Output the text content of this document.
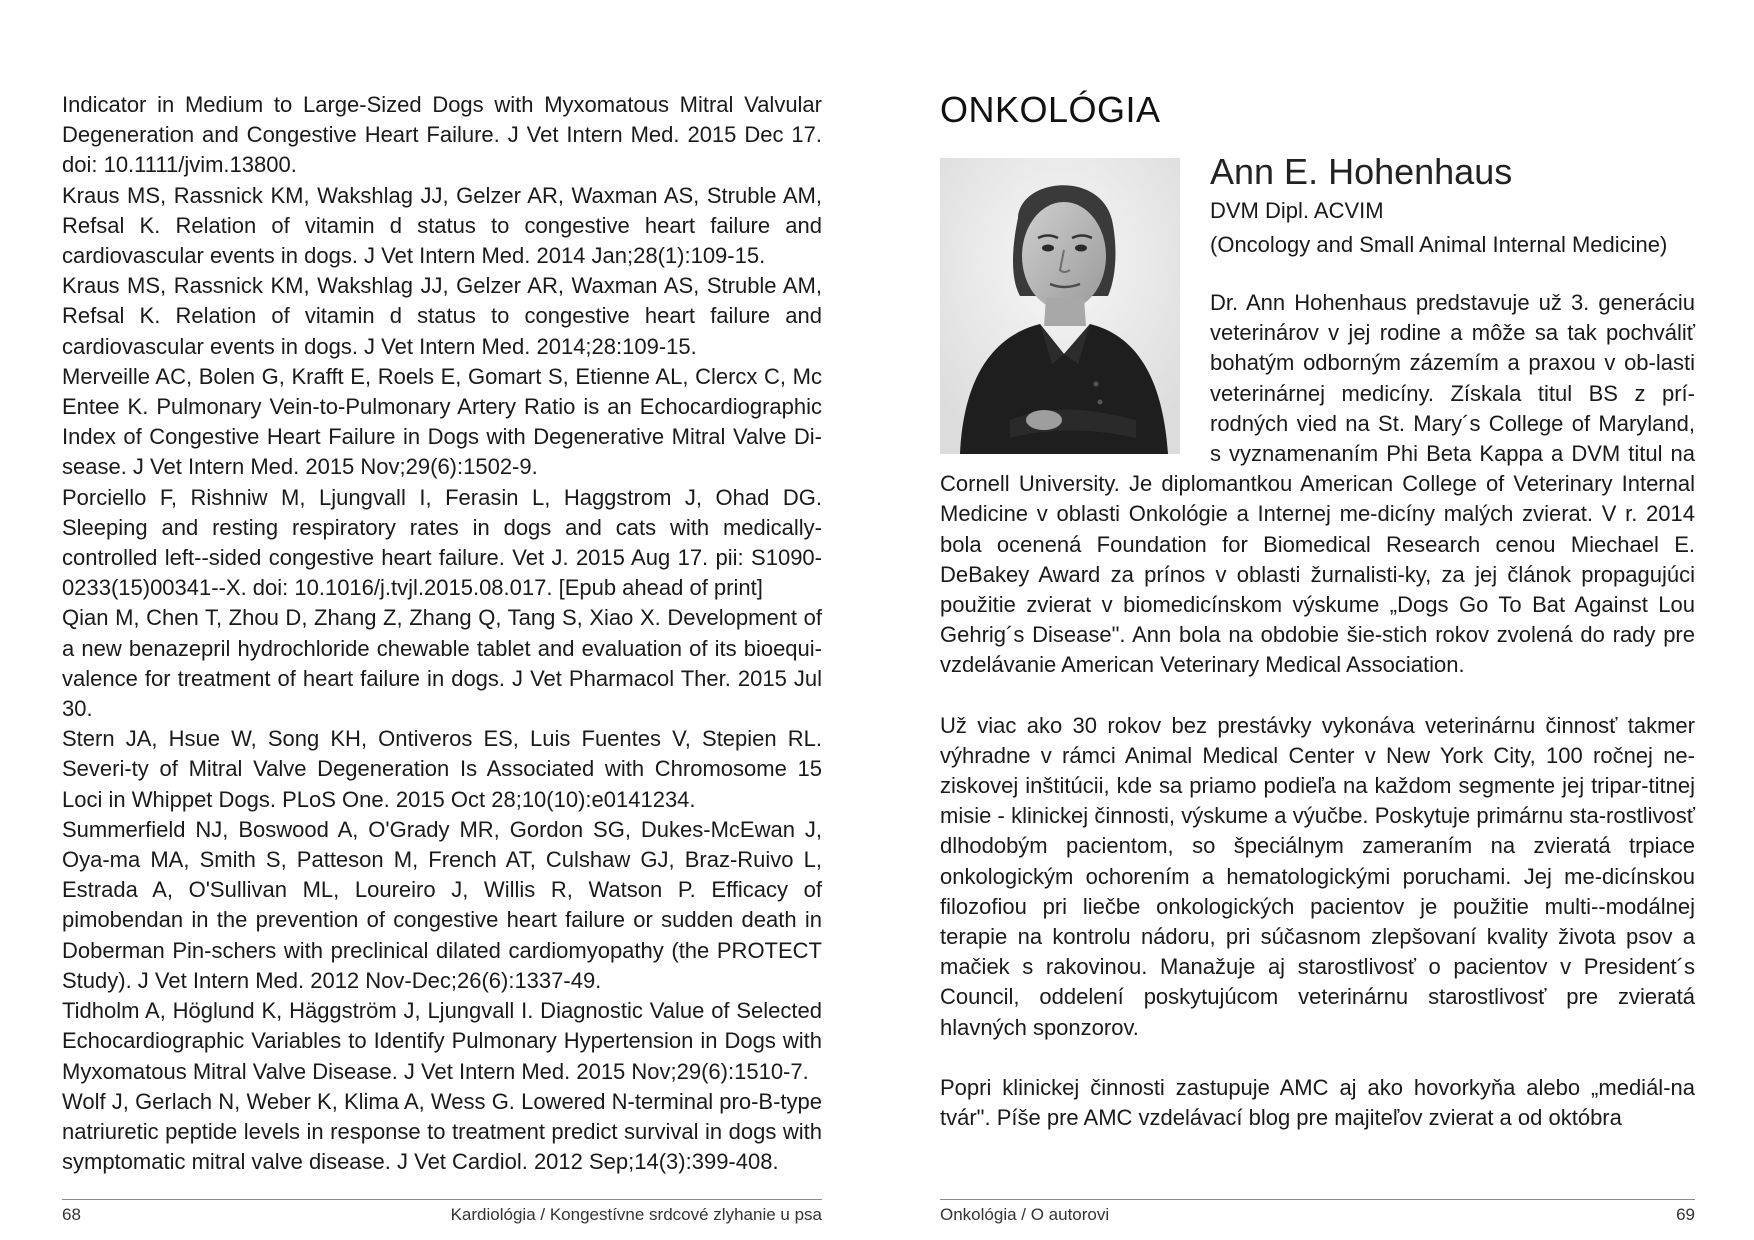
Indicator in Medium to Large-Sized Dogs with Myxomatous Mitral Valvular Degeneration and Congestive Heart Failure. J Vet Intern Med. 2015 Dec 17. doi: 10.1111/jvim.13800.

Kraus MS, Rassnick KM, Wakshlag JJ, Gelzer AR, Waxman AS, Struble AM, Refsal K. Relation of vitamin d status to congestive heart failure and cardiovascular events in dogs. J Vet Intern Med. 2014 Jan;28(1):109-15.

Kraus MS, Rassnick KM, Wakshlag JJ, Gelzer AR, Waxman AS, Struble AM, Refsal K. Relation of vitamin d status to congestive heart failure and cardiovascular events in dogs. J Vet Intern Med. 2014;28:109-15.

Merveille AC, Bolen G, Krafft E, Roels E, Gomart S, Etienne AL, Clercx C, Mc Entee K. Pulmonary Vein-to-Pulmonary Artery Ratio is an Echocardiographic Index of Congestive Heart Failure in Dogs with Degenerative Mitral Valve Di-sease. J Vet Intern Med. 2015 Nov;29(6):1502-9.

Porciello F, Rishniw M, Ljungvall I, Ferasin L, Haggstrom J, Ohad DG. Sleeping and resting respiratory rates in dogs and cats with medically-controlled left--sided congestive heart failure. Vet J. 2015 Aug 17. pii: S1090-0233(15)00341--X. doi: 10.1016/j.tvjl.2015.08.017. [Epub ahead of print]

Qian M, Chen T, Zhou D, Zhang Z, Zhang Q, Tang S, Xiao X. Development of a new benazepril hydrochloride chewable tablet and evaluation of its bioequi-valence for treatment of heart failure in dogs. J Vet Pharmacol Ther. 2015 Jul 30.

Stern JA, Hsue W, Song KH, Ontiveros ES, Luis Fuentes V, Stepien RL. Severi-ty of Mitral Valve Degeneration Is Associated with Chromosome 15 Loci in Whippet Dogs. PLoS One. 2015 Oct 28;10(10):e0141234.

Summerfield NJ, Boswood A, O'Grady MR, Gordon SG, Dukes-McEwan J, Oya-ma MA, Smith S, Patteson M, French AT, Culshaw GJ, Braz-Ruivo L, Estrada A, O'Sullivan ML, Loureiro J, Willis R, Watson P. Efficacy of pimobendan in the prevention of congestive heart failure or sudden death in Doberman Pin-schers with preclinical dilated cardiomyopathy (the PROTECT Study). J Vet Intern Med. 2012 Nov-Dec;26(6):1337-49.

Tidholm A, Höglund K, Häggström J, Ljungvall I. Diagnostic Value of Selected Echocardiographic Variables to Identify Pulmonary Hypertension in Dogs with Myxomatous Mitral Valve Disease. J Vet Intern Med. 2015 Nov;29(6):1510-7.

Wolf J, Gerlach N, Weber K, Klima A, Wess G. Lowered N-terminal pro-B-type natriuretic peptide levels in response to treatment predict survival in dogs with symptomatic mitral valve disease. J Vet Cardiol. 2012 Sep;14(3):399-408.

ONKOLÓGIA
Ann E. Hohenhaus

DVM Dipl. ACVIM

(Oncology and Small Animal Internal Medicine)

Dr. Ann Hohenhaus predstavuje už 3. generáciu veterinárov v jej rodine a môže sa tak pochváliť bohatým odborným zázemím a praxou v ob-lasti veterinárnej medicíny. Získala titul BS z prí-rodných vied na St. Mary´s College of Maryland, s vyznamenaním Phi Beta Kappa a DVM titul na Cornell University. Je diplomantkou American College of Veterinary Internal Medicine v oblasti Onkológie a Internej me-dicíny malých zvierat. V r. 2014 bola ocenená Foundation for Biomedical Research cenou Miechael E. DeBakey Award za prínos v oblasti žurnalisti-ky, za jej článok propagujúci použitie zvierat v biomedicínskom výskume „Dogs Go To Bat Against Lou Gehrig´s Disease". Ann bola na obdobie šie-stich rokov zvolená do rady pre vzdelávanie American Veterinary Medical Association.

Už viac ako 30 rokov bez prestávky vykonáva veterinárnu činnosť takmer výhradne v rámci Animal Medical Center v New York City, 100 ročnej ne-ziskovej inštitúcii, kde sa priamo podieľa na každom segmente jej tripar-titnej misie - klinickej činnosti, výskume a výučbe. Poskytuje primárnu sta-rostlivosť dlhodobým pacientom, so špeciálnym zameraním na zvieratá trpiace onkologickým ochorením a hematologickými poruchami. Jej me-dicínskou filozofiou pri liečbe onkologických pacientov je použitie multi--modálnej terapie na kontrolu nádoru, pri súčasnom zlepšovaní kvality života psov a mačiek s rakovinou. Manažuje aj starostlivosť o pacientov v President´s Council, oddelení poskytujúcom veterinárnu starostlivosť pre zvieratá hlavných sponzorov.

Popri klinickej činnosti zastupuje AMC aj ako hovorkyňa alebo „mediál-na tvár". Píše pre AMC vzdelávací blog pre majiteľov zvierat a od októbra

68	Kardiológia / Kongestívne srdcové zlyhanie u psa	Onkológia / O autorovi	69
